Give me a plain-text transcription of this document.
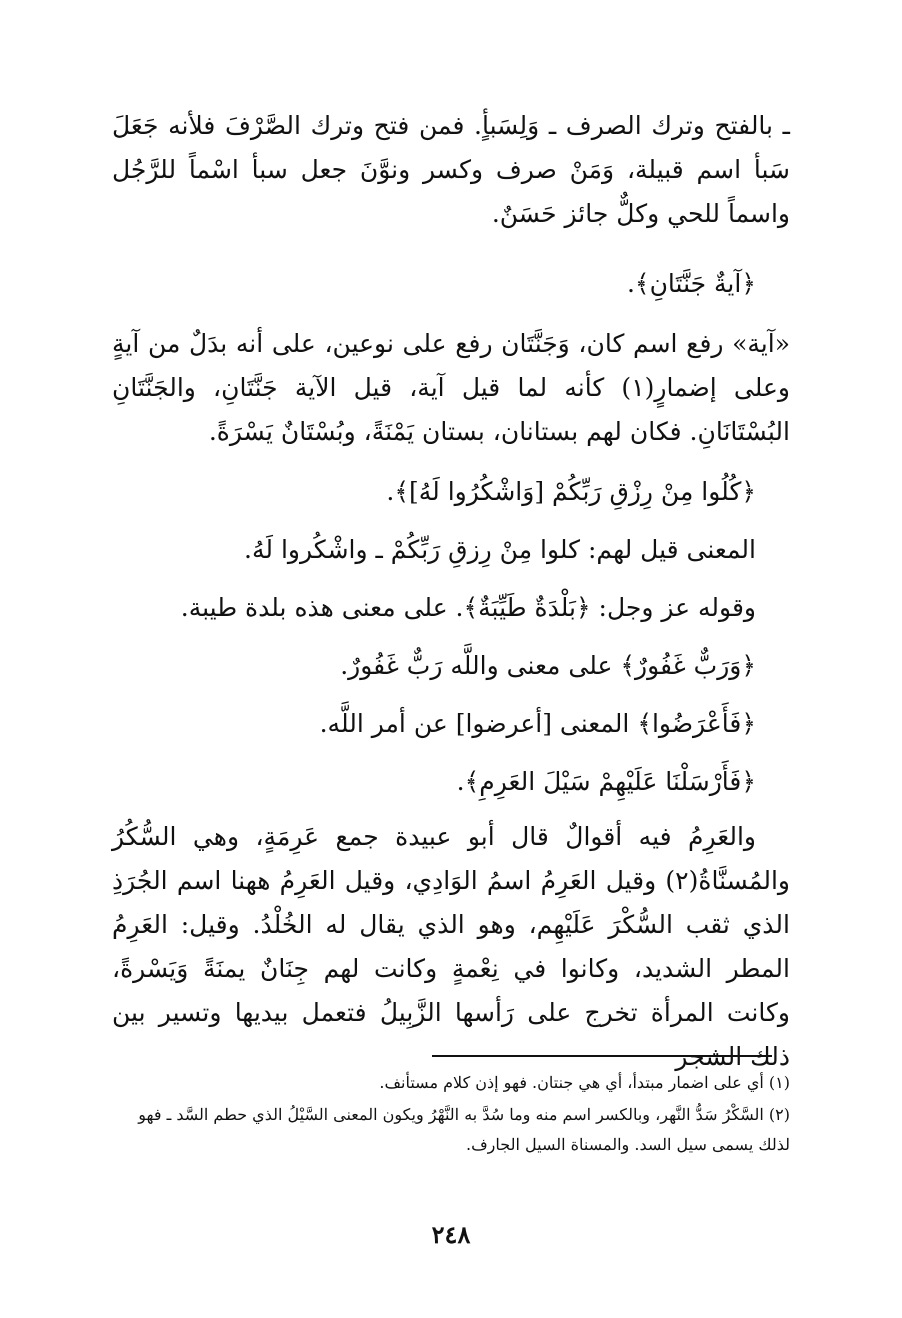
ـ بالفتح وترك الصرف ـ وَلِسَبأٍ. فمن فتح وترك الصَّرْفَ فلأنه جَعَلَ سَبأ اسم قبيلة، وَمَنْ صرف وكسر ونوَّنَ جعل سبأ اسْماً للرَّجُل واسماً للحي وكلٌّ جائز حَسَنٌ.

﴿آيةٌ جَنَّتَانِ﴾.

«آية» رفع اسم كان، وَجَنَّتَان رفع على نوعين، على أنه بدَلٌ من آيةٍ وعلى إضمارٍ(١) كأنه لما قيل آية، قيل الآية جَنَّتَانِ، والجَنَّتَانِ البُسْتَانَانِ. فكان لهم بستانان، بستان يَمْنَةً، وبُسْتَانٌ يَسْرَةً.

﴿كُلُوا مِنْ رِزْقِ رَبِّكُمْ [وَاشْكُرُوا لَهُ]﴾.

المعنى قيل لهم: كلوا مِنْ رِزقِ رَبِّكُمْ ـ واشْكُروا لَهُ.

وقوله عز وجل: ﴿بَلْدَةٌ طَيِّبَةٌ﴾. على معنى هذه بلدة طيبة.

﴿وَرَبٌّ غَفُورٌ﴾ على معنى واللَّه رَبٌّ غَفُورٌ.

﴿فَأَعْرَضُوا﴾ المعنى [أعرضوا] عن أمر اللَّه.

﴿فَأَرْسَلْنَا عَلَيْهِمْ سَيْلَ العَرِمِ﴾.

والعَرِمُ فيه أقوالٌ قال أبو عبيدة جمع عَرِمَةٍ، وهي السُّكُرُ والمُسنَّاةُ(٢) وقيل العَرِمُ اسمُ الوَادِي، وقيل العَرِمُ ههنا اسم الجُرَذِ الذي ثقب السُّكْرَ عَلَيْهِم، وهو الذي يقال له الخُلْدُ. وقيل: العَرِمُ المطر الشديد، وكانوا في نِعْمةٍ وكانت لهم جِنَانٌ يمنَةً وَيَسْرةً، وكانت المرأة تخرج على رَأسها الزَّبِيلُ فتعمل بيديها وتسير بين ذلك الشجر

(١) أي على اضمار مبتدأ، أي هي جنتان. فهو إذن كلام مستأنف.

(٢) السَّكْرُ سَدُّ النَّهر، وبالكسر اسم منه وما سُدَّ به النَّهْرُ ويكون المعنى السَّيْلُ الذي حطم السَّد ـ فهو لذلك يسمى سيل السد. والمسناة السيل الجارف.

٢٤٨
